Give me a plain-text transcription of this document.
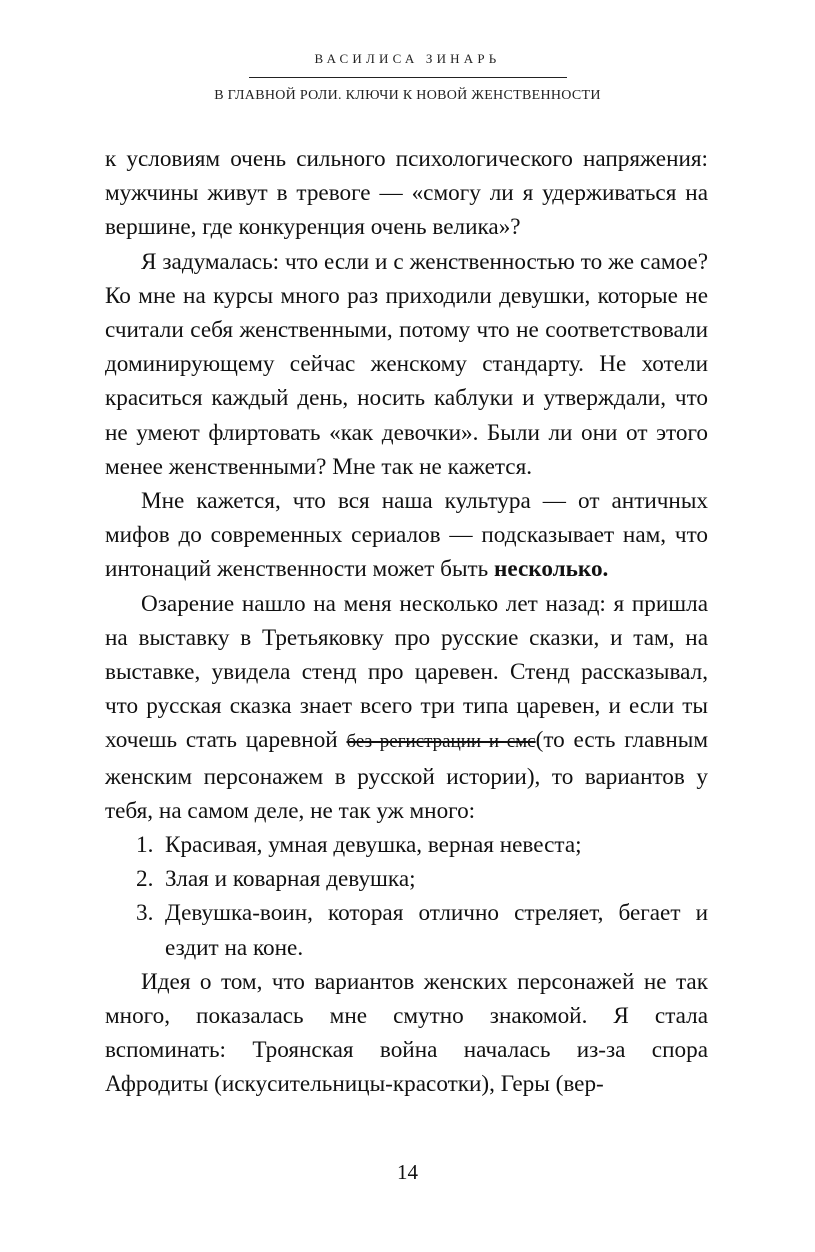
ВАСИЛИСА ЗИНАРЬ
В ГЛАВНОЙ РОЛИ. КЛЮЧИ К НОВОЙ ЖЕНСТВЕННОСТИ

к условиям очень сильного психологического напряжения: мужчины живут в тревоге — «смогу ли я удерживаться на вершине, где конкуренция очень велика»?

Я задумалась: что если и с женственностью то же самое? Ко мне на курсы много раз приходили девушки, которые не считали себя женственными, потому что не соответствовали доминирующему сейчас женскому стандарту. Не хотели краситься каждый день, носить каблуки и утверждали, что не умеют флиртовать «как девочки». Были ли они от этого менее женственными? Мне так не кажется.

Мне кажется, что вся наша культура — от античных мифов до современных сериалов — подсказывает нам, что интонаций женственности может быть несколько.

Озарение нашло на меня несколько лет назад: я пришла на выставку в Третьяковку про русские сказки, и там, на выставке, увидела стенд про царевен. Стенд рассказывал, что русская сказка знает всего три типа царевен, и если ты хочешь стать царевной без регистрации и смс(то есть главным женским персонажем в русской истории), то вариантов у тебя, на самом деле, не так уж много:

1. Красивая, умная девушка, верная невеста;
2. Злая и коварная девушка;
3. Девушка-воин, которая отлично стреляет, бегает и ездит на коне.

Идея о том, что вариантов женских персонажей не так много, показалась мне смутно знакомой. Я стала вспоминать: Троянская война началась из-за спора Афродиты (искусительницы-красотки), Геры (вер-

14
